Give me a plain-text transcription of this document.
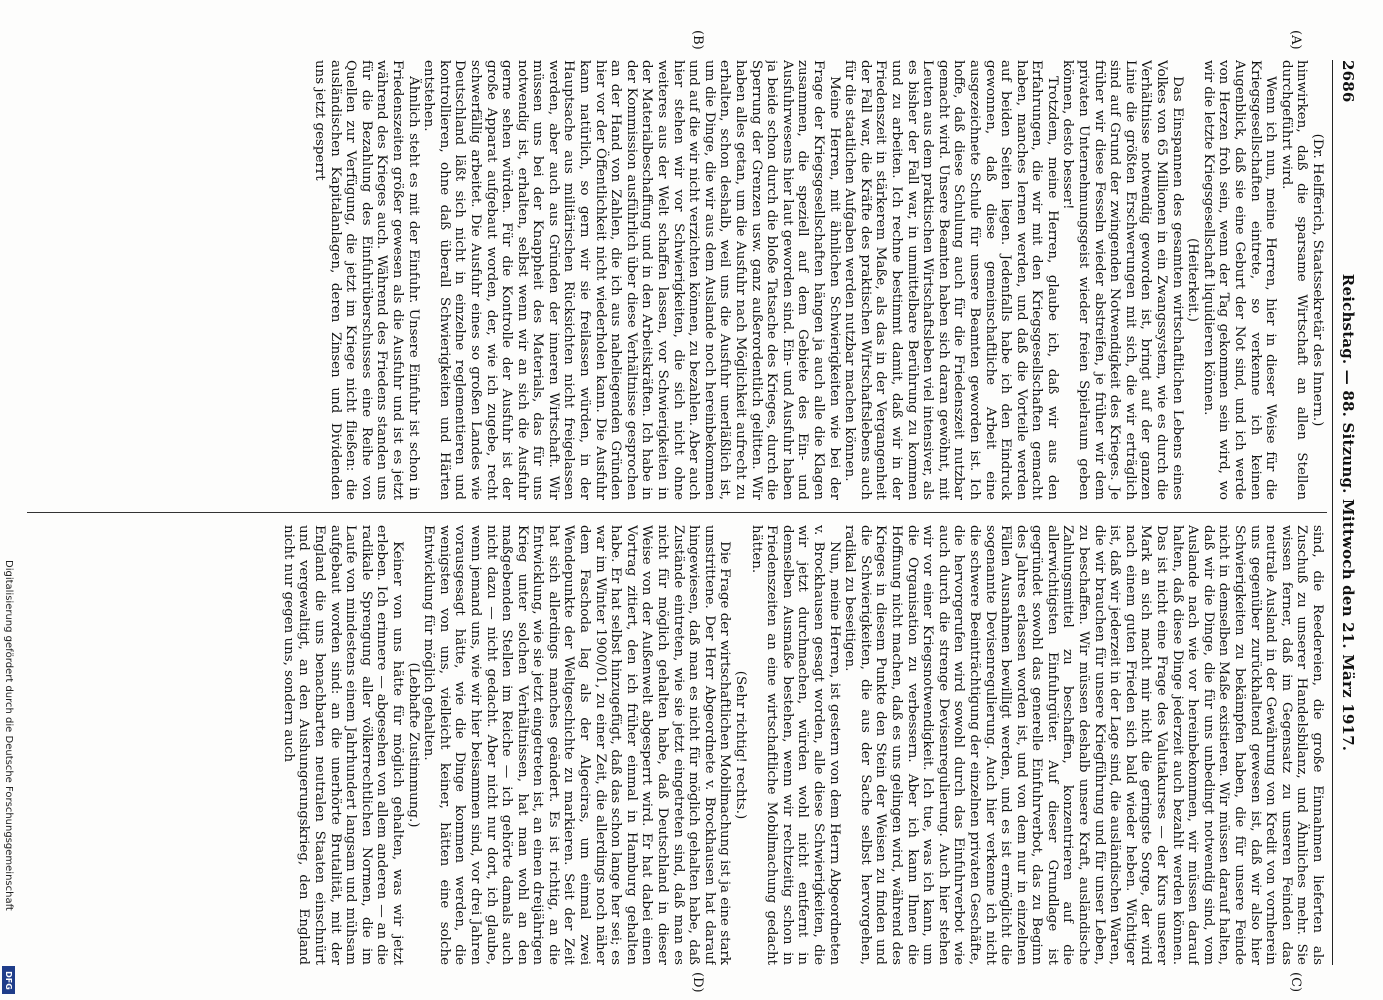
2686
Reichstag. — 88. Sitzung. Mittwoch den 21. März 1917.
(A)
(B)
(C)
(D)

(Dr. Helfferich, Staatssekretär des Innern.)

hinwirken, daß die sparsame Wirtschaft an allen Stellen durchgeführt wird.

Wenn ich nun, meine Herren, hier in dieser Weise für die Kriegsgesellschaften eintrete, so verkenne ich keinen Augenblick, daß sie eine Geburt der Not sind, und ich werde von Herzen froh sein, wenn der Tag gekommen sein wird, wo wir die letzte Kriegsgesellschaft liquidieren können.

(Heiterkeit.)

Das Einspannen des gesamten wirtschaftlichen Lebens eines Volkes von 65 Millionen in ein Zwangssystem, wie es durch die Verhältnisse notwendig geworden ist, bringt auf der ganzen Linie die größten Erschwerungen mit sich, die wir erträglich sind auf Grund der zwingenden Notwendigkeit des Krieges. Je früher wir diese Fesseln wieder abstreifen, je früher wir dem privaten Unternehmungsgeist wieder freien Spielraum geben können, desto besser!

Trotzdem, meine Herren, glaube ich, daß wir aus den Erfahrungen, die wir mit den Kriegsgesellschaften gemacht haben, manches lernen werden, und daß die Vorteile werden auf beiden Seiten liegen. Jedenfalls habe ich den Eindruck gewonnen, daß diese gemeinschaftliche Arbeit eine ausgezeichnete Schule für unsere Beamten geworden ist. Ich hoffe, daß diese Schulung auch für die Friedenszeit nutzbar gemacht wird. Unsere Beamten haben sich daran gewöhnt, mit Leuten aus dem praktischen Wirtschaftsleben viel intensiver, als es bisher der Fall war, in unmittelbare Berührung zu kommen und zu arbeiten. Ich rechne bestimmt damit, daß wir in der Friedenszeit in stärkerem Maße, als das in der Vergangenheit der Fall war, die Kräfte des praktischen Wirtschaftslebens auch für die staatlichen Aufgaben werden nutzbar machen können.

Meine Herren, mit ähnlichen Schwierigkeiten wie bei der Frage der Kriegsgesellschaften hängen ja auch alle die Klagen zusammen, die speziell auf dem Gebiete des Ein- und Ausfuhrwesens hier laut geworden sind. Ein- und Ausfuhr haben ja beide schon durch die bloße Tatsache des Krieges, durch die Sperrung der Grenzen usw. ganz außerordentlich gelitten. Wir haben alles getan, um die Ausfuhr nach Möglichkeit aufrecht zu erhalten, schon deshalb, weil uns die Ausfuhr unerläßlich ist, um die Dinge, die wir aus dem Auslande noch hereinbekommen und auf die wir nicht verzichten können, zu bezahlen. Aber auch hier stehen wir vor Schwierigkeiten, die sich nicht ohne weiteres aus der Welt schaffen lassen, vor Schwierigkeiten in der Materialbeschaffung und in den Arbeitskräften. Ich habe in der Kommission ausführlich über diese Verhältnisse gesprochen an der Hand von Zahlen, die ich aus naheliegenden Gründen hier vor der Öffentlichkeit nicht wiederholen kann. Die Ausfuhr kann natürlich, so gern wir sie freilassen würden, in der Hauptsache aus militärischen Rücksichten nicht freigelassen werden, aber auch aus Gründen der inneren Wirtschaft. Wir müssen uns bei der Knappheit des Materials, das für uns notwendig ist, erhalten, selbst wenn wir an sich die Ausfuhr gerne sehen würden. Für die Kontrolle der Ausfuhr ist der große Apparat aufgebaut worden, der, wie ich zugebe, recht schwerfällig arbeitet. Die Ausfuhr eines so großen Landes wie Deutschland läßt sich nicht in einzelne reglementieren und kontrollieren, ohne daß überall Schwierigkeiten und Härten entstehen.

Ähnlich steht es mit der Einfuhr. Unsere Einfuhr ist schon in Friedenszeiten größer gewesen als die Ausfuhr und ist es jetzt während des Krieges auch. Während des Friedens standen uns für die Bezahlung des Einfuhrüberschusses eine Reihe von Quellen zur Verfügung, die jetzt im Kriege nicht fließen: die ausländischen Kapitalanlagen, deren Zinsen und Dividenden uns jetzt gesperrt

sind, die Reedereien, die große Einnahmen lieferten als Zuschuß zu unserer Handelsbilanz, und Ähnliches mehr. Sie wissen ferner, daß im Gegensatz zu unseren Feinden das neutrale Ausland in der Gewährung von Kredit von vornherein uns gegenüber zurückhaltend gewesen ist, daß wir also hier Schwierigkeiten zu bekämpfen haben, die für unsere Feinde nicht in demselben Maße existieren. Wir müssen darauf halten, daß wir die Dinge, die für uns unbedingt notwendig sind, vom Auslande nach wie vor hereinbekommen, wir müssen darauf halten, daß diese Dinge jederzeit auch bezahlt werden können. Das ist nicht eine Frage des Valutakurses — der Kurs unserer Mark an sich macht mir nicht die geringste Sorge, der wird nach einem guten Frieden sich bald wieder heben. Wichtiger ist, daß wir jederzeit in der Lage sind, die ausländischen Waren, die wir brauchen für unsere Kriegführung und für unser Leben, zu beschaffen. Wir müssen deshalb unsere Kraft, ausländische Zahlungsmittel zu beschaffen, konzentrieren auf die allerwichtigsten Einfuhrgüter. Auf dieser Grundlage ist gegründet sowohl das generelle Einfuhrverbot, das zu Beginn des Jahres erlassen worden ist, und von dem nur in einzelnen Fällen Ausnahmen bewilligt werden, und es ist ermöglicht die sogenannte Devisenregulierung. Auch hier verkenne ich nicht die schwere Beeinträchtigung der einzelnen privaten Geschäfte, die hervorgerufen wird sowohl durch das Einfuhrverbot wie auch durch die strenge Devisenregulierung. Auch hier stehen wir vor einer Kriegsnotwendigkeit. Ich tue, was ich kann, um die Organisation zu verbessern. Aber ich kann Ihnen die Hoffnung nicht machen, daß es uns gelingen wird, während des Krieges in diesem Punkte den Stein der Weisen zu finden und die Schwierigkeiten, die aus der Sache selbst hervorgehen, radikal zu beseitigen.

Nun, meine Herren, ist gestern von dem Herrn Abgeordneten v. Brockhausen gesagt worden, alle diese Schwierigkeiten, die wir jetzt durchmachen, würden wohl nicht entfernt in demselben Ausmaße bestehen, wenn wir rechtzeitig schon in Friedenszeiten an eine wirtschaftliche Mobilmachung gedacht hätten.

(Sehr richtig! rechts.)

Die Frage der wirtschaftlichen Mobilmachung ist ja eine stark umstrittene. Der Herr Abgeordnete v. Brockhausen hat darauf hingewiesen, daß man es nicht für möglich gehalten habe, daß Zustände eintreten, wie sie jetzt eingetreten sind, daß man es nicht für möglich gehalten habe, daß Deutschland in dieser Weise von der Außenwelt abgesperrt wird. Er hat dabei einen Vortrag zitiert, den ich früher einmal in Hamburg gehalten habe. Er hat selbst hinzugefügt, daß das schon lange her sei; es war im Winter 1900/01, zu einer Zeit, die allerdings noch näher dem Faschoda lag als der Algeciras, um einmal zwei Wendepunkte der Weltgeschichte zu markieren. Seit der Zeit hat sich allerdings manches geändert. Es ist richtig, an die Entwicklung, wie sie jetzt eingetreten ist, an einen dreijährigen Krieg unter solchen Verhältnissen, hat man wohl an den maßgebenden Stellen im Reiche — ich gehörte damals auch nicht dazu — nicht gedacht. Aber nicht nur dort, ich glaube, wenn jemand uns, wie wir hier beisammen sind, vor drei Jahren vorausgesagt hätte, wie die Dinge kommen werden, die wenigsten von uns, vielleicht keiner, hätten eine solche Entwicklung für möglich gehalten.

(Lebhafte Zustimmung.)

Keiner von uns hätte für möglich gehalten, was wir jetzt erleben. Ich erinnere — abgesehen von allem anderen — an die radikale Sprengung aller völkerrechtlichen Normen, die im Laufe von mindestens einem Jahrhundert langsam und mühsam aufgebaut worden sind: an die unerhörte Brutalität, mit der England die uns benachbarten neutralen Staaten einschnürt und vergewaltigt, an den Aushungerungskrieg, den England nicht nur gegen uns, sondern auch

Digitalisierung gefördert durch die Deutsche Forschungsgemeinschaft
DFG
